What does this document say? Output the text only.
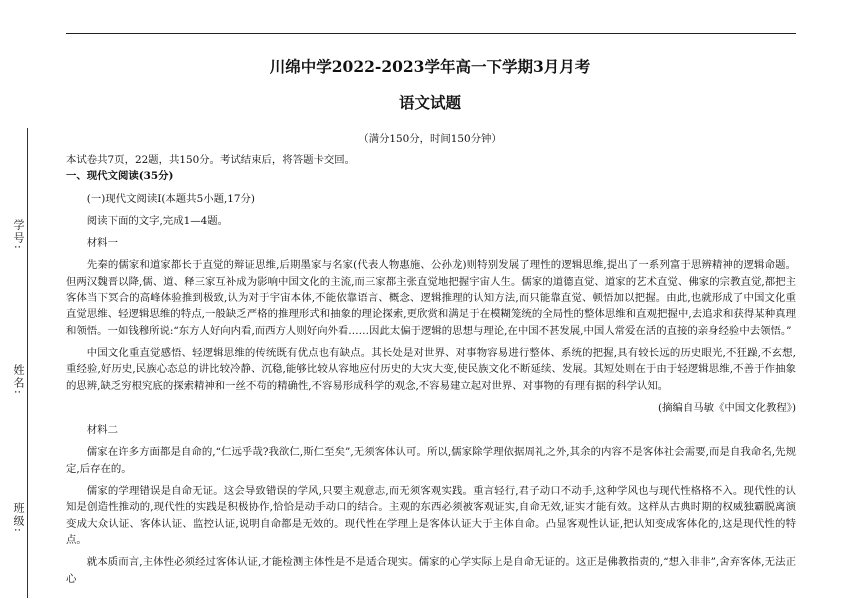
学号:
姓名:
班级:
川绵中学2022-2023学年高一下学期3月月考
语文试题
（满分150分，时间150分钟）

本试卷共7页，22题，共150分。考试结束后，将答题卡交回。

一、现代文阅读(35分)

(一)现代文阅读Ⅰ(本题共5小题,17分)

阅读下面的文字,完成1—4题。

材料一

先秦的儒家和道家都长于直觉的辩证思维,后期墨家与名家(代表人物惠施、公孙龙)则特别发展了理性的逻辑思维,提出了一系列富于思辨精神的逻辑命题。但两汉魏晋以降,儒、道、释三家互补成为影响中国文化的主流,而三家都主张直觉地把握宇宙人生。儒家的道德直觉、道家的艺术直觉、佛家的宗教直觉,都把主客体当下冥合的高峰体验推到极致,认为对于宇宙本体,不能依靠语言、概念、逻辑推理的认知方法,而只能靠直觉、顿悟加以把握。由此,也就形成了中国文化重直觉思维、轻逻辑思维的特点,一般缺乏严格的推理形式和抽象的理论探索,更欣赏和满足于在模糊笼统的全局性的整体思维和直观把握中,去追求和获得某种真理和领悟。一如钱穆所说:“东方人好向内看,而西方人则好向外看……因此太偏于逻辑的思想与理论,在中国不甚发展,中国人常爱在活的直接的亲身经验中去领悟。”

中国文化重直觉感悟、轻逻辑思维的传统既有优点也有缺点。其长处是对世界、对事物容易进行整体、系统的把握,具有较长远的历史眼光,不狂躁,不玄想,重经验,好历史,民族心态总的讲比较冷静、沉稳,能够比较从容地应付历史的大灾大变,使民族文化不断延续、发展。其短处则在于由于轻逻辑思维,不善于作抽象的思辨,缺乏穷根究底的探索精神和一丝不苟的精确性,不容易形成科学的观念,不容易建立起对世界、对事物的有理有据的科学认知。

(摘编自马敏《中国文化教程》)

材料二

儒家在许多方面都是自命的,“仁远乎哉?我欲仁,斯仁至矣”,无须客体认可。所以,儒家除学理依据周礼之外,其余的内容不是客体社会需要,而是自我命名,先规定,后存在的。

儒家的学理错误是自命无证。这会导致错误的学风,只要主观意志,而无须客观实践。重言轻行,君子动口不动手,这种学风也与现代性格格不入。现代性的认知是创造性推动的,现代性的实践是积极协作,恰恰是动手动口的结合。主观的东西必须被客观证实,自命无效,证实才能有效。这样从古典时期的权威独霸脱离演变成大众认证、客体认证、监控认证,说明自命都是无效的。现代性在学理上是客体认证大于主体自命。凸显客观性认证,把认知变成客体化的,这是现代性的特点。

就本质而言,主体性必须经过客体认证,才能检测主体性是不是适合现实。儒家的心学实际上是自命无证的。这正是佛教指责的,“想入非非”,舍弃客体,无法正心
